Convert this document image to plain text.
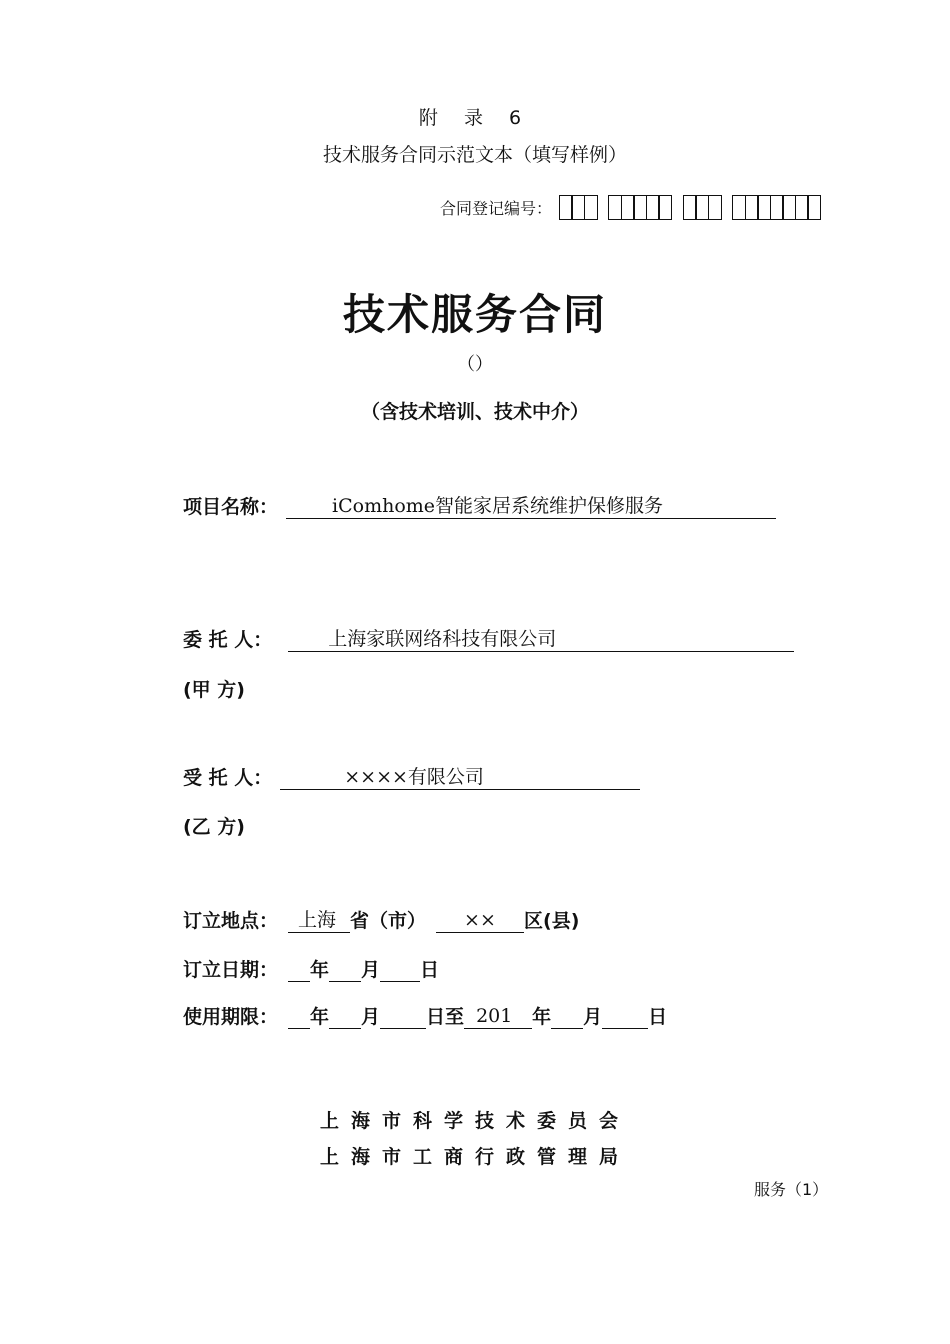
附 录 6
技术服务合同示范文本（填写样例）
合同登记编号：
技术服务合同
（）
（含技术培训、技术中介）
项目名称：	iComhome智能家居系统维护保修服务
委 托 人：	上海家联网络科技有限公司
(甲 方)
受 托 人：	××××有限公司
(乙 方)
订立地点：	上海 省（市）	××	区(县)
订立日期： 年 月 日
使用期限： 年 月 日至 201	年 月 日
上海市科学技术委员会
上海市工商行政管理局
服务（1）
